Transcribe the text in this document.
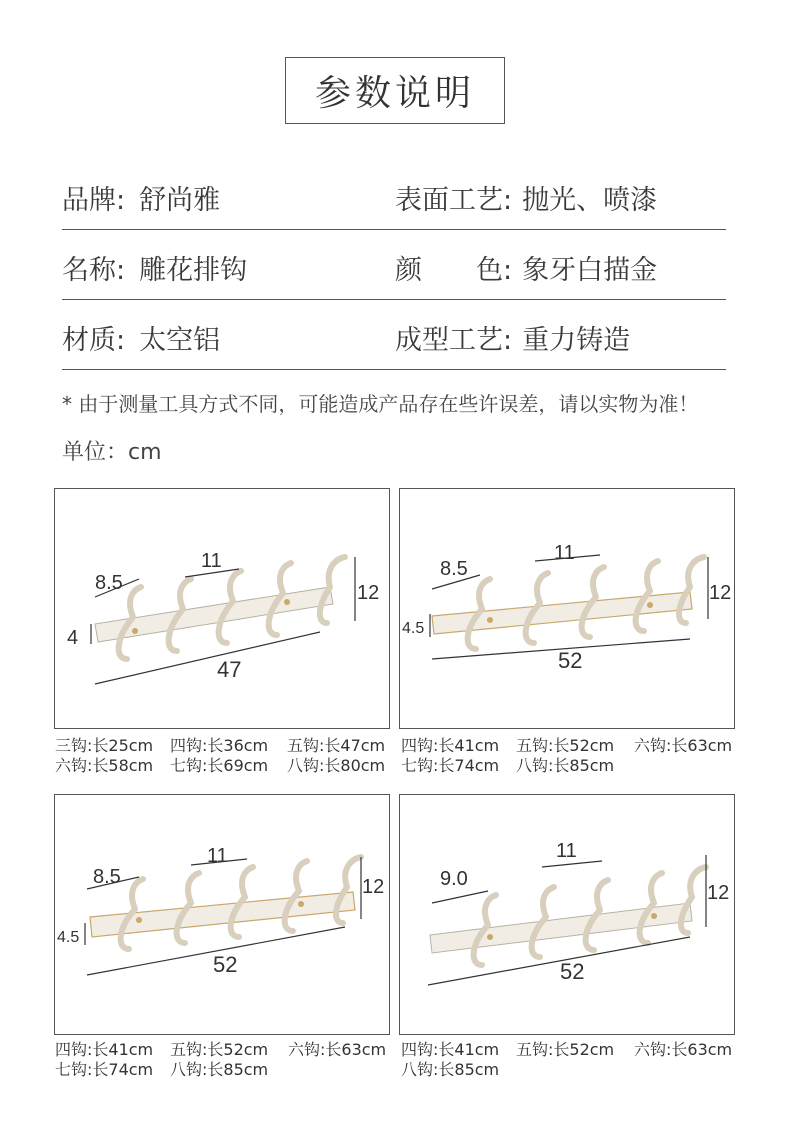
参数说明
品牌: 舒尚雅	表面工艺: 抛光、喷漆
名称: 雕花排钩	颜 色: 象牙白描金
材质: 太空铝	成型工艺: 重力铸造
* 由于测量工具方式不同，可能造成产品存在些许误差，请以实物为准！
单位：cm
8.5
11
12
4
47
三钩:长25cm 四钩:长36cm 五钩:长47cm
六钩:长58cm 七钩:长69cm 八钩:长80cm
8.5
11
12
4.5
52
四钩:长41cm 五钩:长52cm 六钩:长63cm
七钩:长74cm 八钩:长85cm
8.5
11
12
4.5
52
四钩:长41cm 五钩:长52cm 六钩:长63cm
七钩:长74cm 八钩:长85cm
9.0
11
12
52
四钩:长41cm 五钩:长52cm 六钩:长63cm
八钩:长85cm
